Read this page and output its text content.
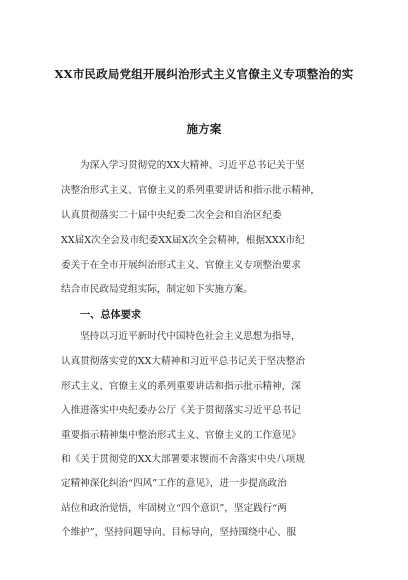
XX市民政局党组开展纠治形式主义官僚主义专项整治的实
施方案
为深入学习贯彻党的XX大精神、习近平总书记关于坚
决整治形式主义、官僚主义的系列重要讲话和指示批示精神，
认真贯彻落实二十届中央纪委二次全会和自治区纪委
XX届X次全会及市纪委XX届X次全会精神，根据XXX市纪
委关于在全市开展纠治形式主义、官僚主义专项整治要求
结合市民政局党组实际，制定如下实施方案。
一、总体要求
坚持以习近平新时代中国特色社会主义思想为指导，
认真贯彻落实党的XX大精神和习近平总书记关于坚决整治
形式主义、官僚主义的系列重要讲话和指示批示精神，深
入推进落实中央纪委办公厅《关于贯彻落实习近平总书记
重要指示精神集中整治形式主义、官僚主义的工作意见》
和《关于贯彻党的XX大部署要求锲而不舍落实中央八项规
定精神深化纠治“四风”工作的意见》，进一步提高政治
站位和政治觉悟，牢固树立“四个意识”，坚定践行“两
个维护”，坚持问题导向、目标导向，坚持围绕中心、服
